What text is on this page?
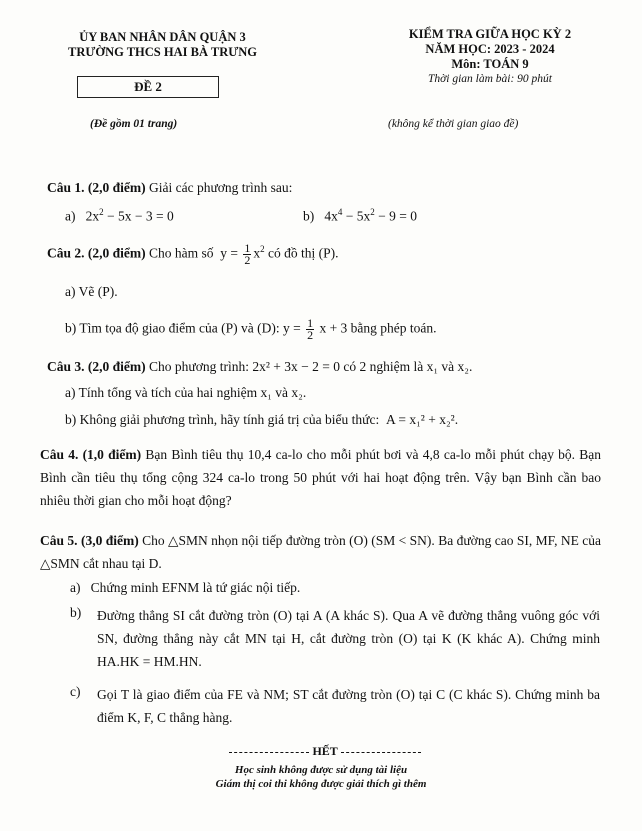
ỦY BAN NHÂN DÂN QUẬN 3
TRƯỜNG THCS HAI BÀ TRƯNG
ĐỀ 2
(Đề gồm 01 trang)
KIỂM TRA GIỮA HỌC KỲ 2
NĂM HỌC: 2023 - 2024
Môn: TOÁN 9
Thời gian làm bài: 90 phút
(không kể thời gian giao đề)
Câu 1. (2,0 điểm) Giải các phương trình sau:
a)   $2x^2 - 5x - 3 = 0$	b)   $4x^4 - 5x^2 - 9 = 0$
Câu 2. (2,0 điểm) Cho hàm số  $y = \frac{1}{2} x^2$ có đồ thị (P).
a) Vẽ (P).
b) Tìm tọa độ giao điểm của (P) và (D): $y = \frac{1}{2}$ x + 3 bằng phép toán.
Câu 3. (2,0 điểm) Cho phương trình: 2x² + 3x − 2 = 0 có 2 nghiệm là x₁ và x₂.
a) Tính tổng và tích của hai nghiệm x₁ và x₂.
b) Không giải phương trình, hãy tính giá trị của biểu thức: A = x₁² + x₂².
Câu 4. (1,0 điểm) Bạn Bình tiêu thụ 10,4 ca-lo cho mỗi phút bơi và 4,8 ca-lo mỗi phút chạy bộ. Bạn Bình cần tiêu thụ tổng cộng 324 ca-lo trong 50 phút với hai hoạt động trên. Vậy bạn Bình cần bao nhiêu thời gian cho mỗi hoạt động?
Câu 5. (3,0 điểm) Cho △SMN nhọn nội tiếp đường tròn (O) (SM < SN). Ba đường cao SI, MF, NE của △SMN cắt nhau tại D.
a) Chứng minh EFNM là tứ giác nội tiếp.
b) Đường thẳng SI cắt đường tròn (O) tại A (A khác S). Qua A vẽ đường thẳng vuông góc với SN, đường thẳng này cắt MN tại H, cắt đường tròn (O) tại K (K khác A). Chứng minh HA.HK = HM.HN.
c) Gọi T là giao điểm của FE và NM; ST cắt đường tròn (O) tại C (C khác S). Chứng minh ba điểm K, F, C thẳng hàng.
HẾT
Học sinh không được sử dụng tài liệu
Giám thị coi thi không được giải thích gì thêm
